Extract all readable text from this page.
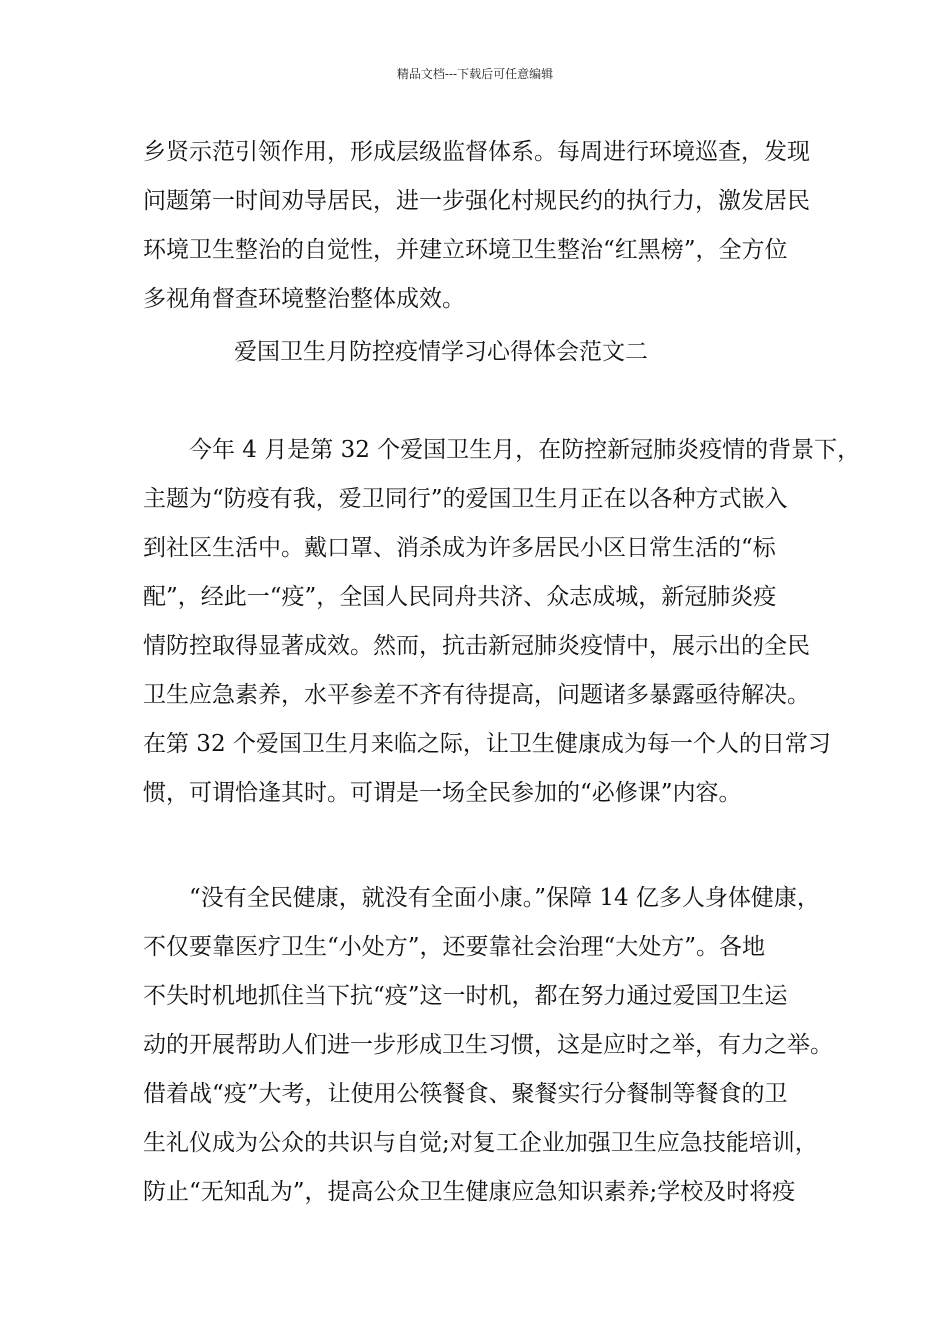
精品文档---下载后可任意编辑
乡贤示范引领作用，形成层级监督体系。每周进行环境巡查，发现
问题第一时间劝导居民，进一步强化村规民约的执行力，激发居民
环境卫生整治的自觉性，并建立环境卫生整治“红黑榜”，全方位
多视角督查环境整治整体成效。
爱国卫生月防控疫情学习心得体会范文二
　　今年 4 月是第 32 个爱国卫生月，在防控新冠肺炎疫情的背景下，
主题为“防疫有我，爱卫同行”的爱国卫生月正在以各种方式嵌入
到社区生活中。戴口罩、消杀成为许多居民小区日常生活的“标
配”，经此一“疫”，全国人民同舟共济、众志成城，新冠肺炎疫
情防控取得显著成效。然而，抗击新冠肺炎疫情中，展示出的全民
卫生应急素养，水平参差不齐有待提高，问题诸多暴露亟待解决。
在第 32 个爱国卫生月来临之际，让卫生健康成为每一个人的日常习
惯，可谓恰逢其时。可谓是一场全民参加的“必修课”内容。
　　“没有全民健康，就没有全面小康。”保障 14 亿多人身体健康，
不仅要靠医疗卫生“小处方”，还要靠社会治理“大处方”。各地
不失时机地抓住当下抗“疫”这一时机，都在努力通过爱国卫生运
动的开展帮助人们进一步形成卫生习惯，这是应时之举，有力之举。
借着战“疫”大考，让使用公筷餐食、聚餐实行分餐制等餐食的卫
生礼仪成为公众的共识与自觉;对复工企业加强卫生应急技能培训，
防止“无知乱为”，提高公众卫生健康应急知识素养;学校及时将疫
